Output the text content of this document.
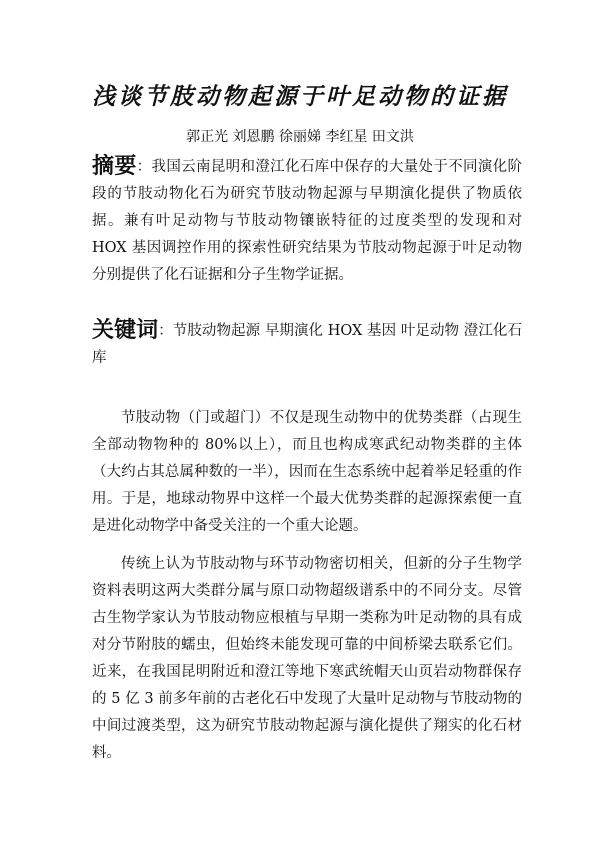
浅谈节肢动物起源于叶足动物的证据
郭正光 刘恩鹏 徐丽娣 李红星 田文洪
摘要：我国云南昆明和澄江化石库中保存的大量处于不同演化阶段的节肢动物化石为研究节肢动物起源与早期演化提供了物质依据。兼有叶足动物与节肢动物镶嵌特征的过度类型的发现和对 HOX 基因调控作用的探索性研究结果为节肢动物起源于叶足动物分别提供了化石证据和分子生物学证据。
关键词：节肢动物起源 早期演化 HOX 基因 叶足动物 澄江化石库

节肢动物（门或超门）不仅是现生动物中的优势类群（占现生全部动物物种的 80%以上），而且也构成寒武纪动物类群的主体（大约占其总属种数的一半），因而在生态系统中起着举足轻重的作用。于是，地球动物界中这样一个最大优势类群的起源探索便一直是进化动物学中备受关注的一个重大论题。

传统上认为节肢动物与环节动物密切相关，但新的分子生物学资料表明这两大类群分属与原口动物超级谱系中的不同分支。尽管古生物学家认为节肢动物应根植与早期一类称为叶足动物的具有成对分节附肢的蠕虫，但始终未能发现可靠的中间桥梁去联系它们。近来，在我国昆明附近和澄江等地下寒武统帽天山页岩动物群保存的 5 亿 3 前多年前的古老化石中发现了大量叶足动物与节肢动物的中间过渡类型，这为研究节肢动物起源与演化提供了翔实的化石材料。
